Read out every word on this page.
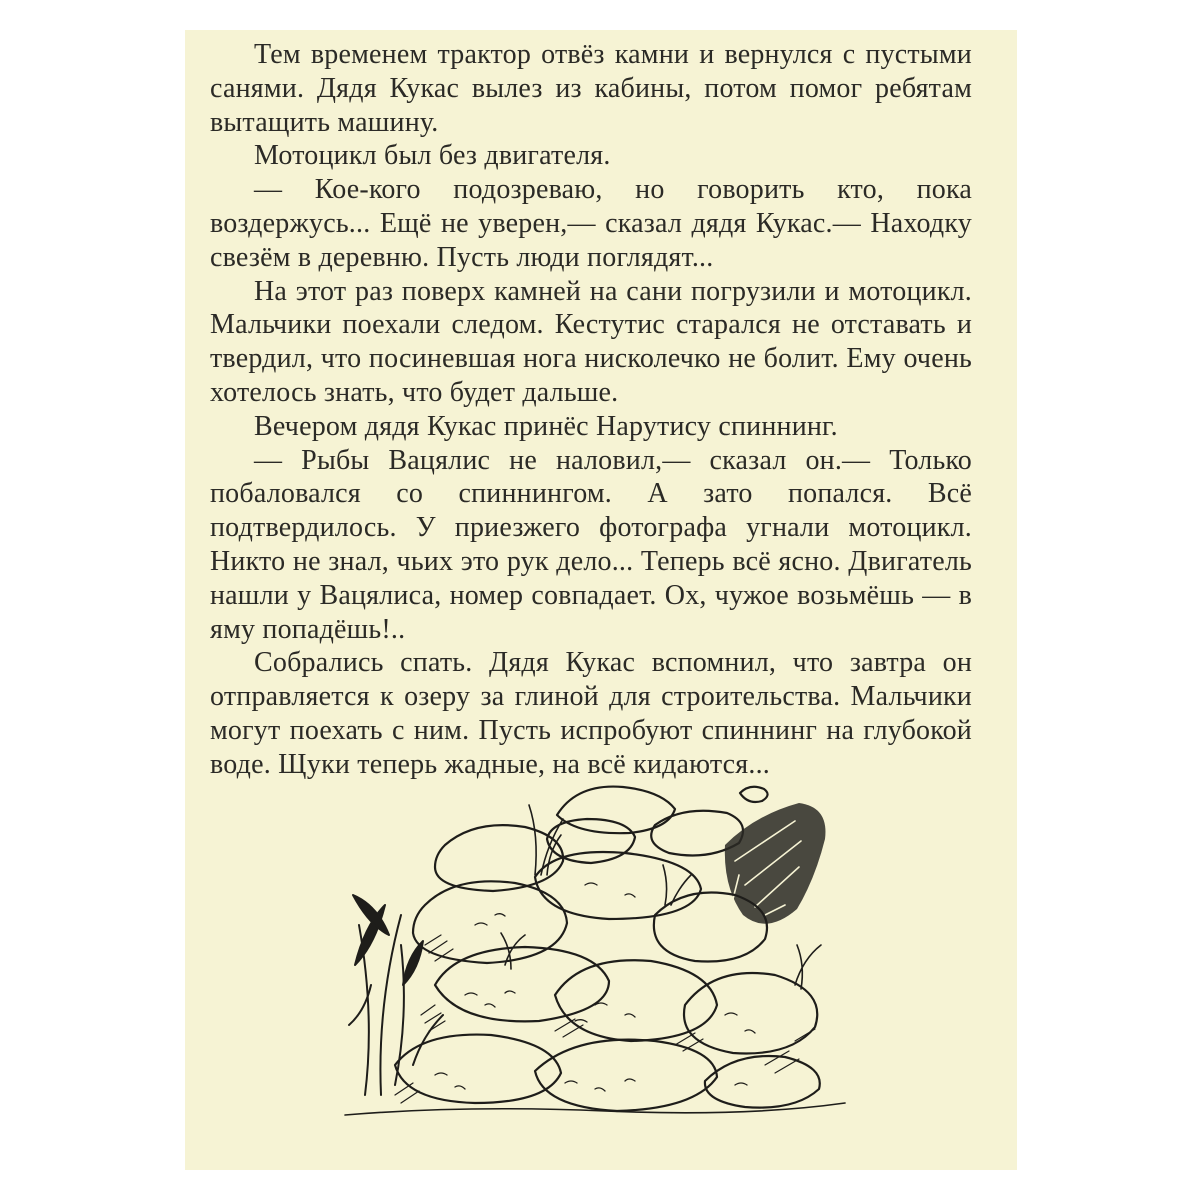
Тем временем трактор отвёз камни и вернулся с пустыми санями. Дядя Кукас вылез из кабины, потом помог ребятам вытащить машину.

Мотоцикл был без двигателя.

— Кое-кого подозреваю, но говорить кто, пока воздержусь... Ещё не уверен,— сказал дядя Кукас.— Находку свезём в деревню. Пусть люди поглядят...

На этот раз поверх камней на сани погрузили и мотоцикл. Мальчики поехали следом. Кестутис старался не отставать и твердил, что посиневшая нога нисколечко не болит. Ему очень хотелось знать, что будет дальше.

Вечером дядя Кукас принёс Нарутису спиннинг.

— Рыбы Вацялис не наловил,— сказал он.— Только побаловался со спиннингом. А зато попался. Всё подтвердилось. У приезжего фотографа угнали мотоцикл. Никто не знал, чьих это рук дело... Теперь всё ясно. Двигатель нашли у Вацялиса, номер совпадает. Ох, чужое возьмёшь — в яму попадёшь!..

Собрались спать. Дядя Кукас вспомнил, что завтра он отправляется к озеру за глиной для строительства. Мальчики могут поехать с ним. Пусть испробуют спиннинг на глубокой воде. Щуки теперь жадные, на всё кидаются...
